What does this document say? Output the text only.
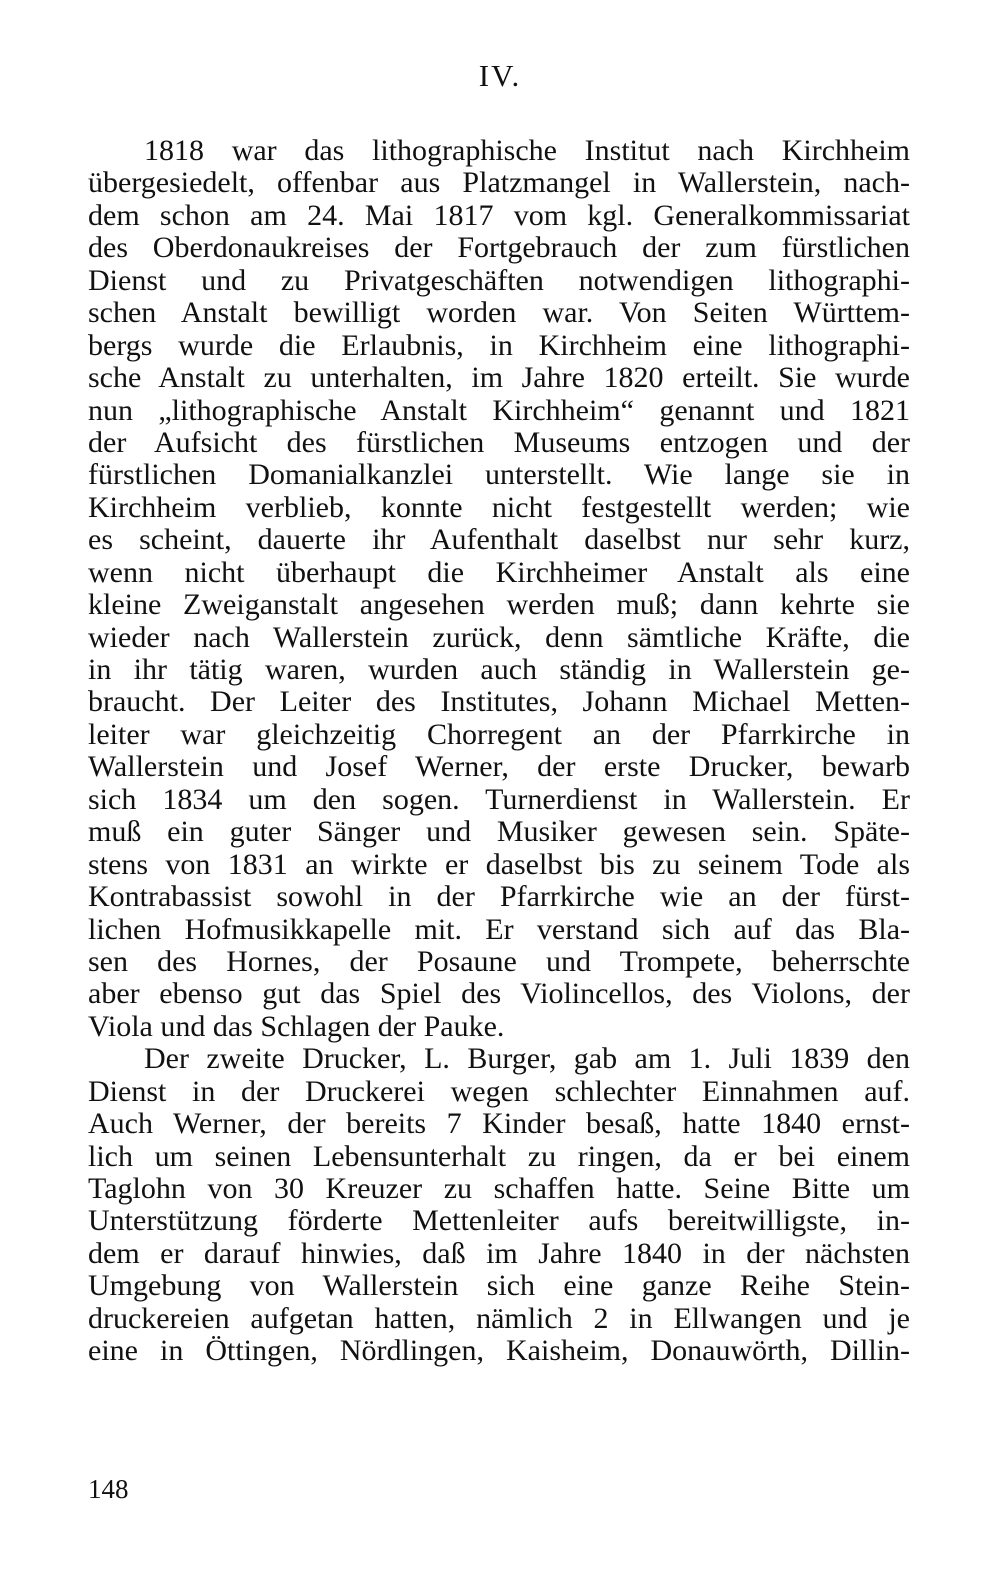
IV.
1818 war das lithographische Institut nach Kirchheim
übergesiedelt, offenbar aus Platzmangel in Wallerstein, nach-
dem schon am 24. Mai 1817 vom kgl. Generalkommissariat
des Oberdonaukreises der Fortgebrauch der zum fürstlichen
Dienst und zu Privatgeschäften notwendigen lithographi-
schen Anstalt bewilligt worden war. Von Seiten Württem-
bergs wurde die Erlaubnis, in Kirchheim eine lithographi-
sche Anstalt zu unterhalten, im Jahre 1820 erteilt. Sie wurde
nun „lithographische Anstalt Kirchheim“ genannt und 1821
der Aufsicht des fürstlichen Museums entzogen und der
fürstlichen Domanialkanzlei unterstellt. Wie lange sie in
Kirchheim verblieb, konnte nicht festgestellt werden; wie
es scheint, dauerte ihr Aufenthalt daselbst nur sehr kurz,
wenn nicht überhaupt die Kirchheimer Anstalt als eine
kleine Zweiganstalt angesehen werden muß; dann kehrte sie
wieder nach Wallerstein zurück, denn sämtliche Kräfte, die
in ihr tätig waren, wurden auch ständig in Wallerstein ge-
braucht. Der Leiter des Institutes, Johann Michael Metten-
leiter war gleichzeitig Chorregent an der Pfarrkirche in
Wallerstein und Josef Werner, der erste Drucker, bewarb
sich 1834 um den sogen. Turnerdienst in Wallerstein. Er
muß ein guter Sänger und Musiker gewesen sein. Späte-
stens von 1831 an wirkte er daselbst bis zu seinem Tode als
Kontrabassist sowohl in der Pfarrkirche wie an der fürst-
lichen Hofmusikkapelle mit. Er verstand sich auf das Bla-
sen des Hornes, der Posaune und Trompete, beherrschte
aber ebenso gut das Spiel des Violincellos, des Violons, der
Viola und das Schlagen der Pauke.
Der zweite Drucker, L. Burger, gab am 1. Juli 1839 den
Dienst in der Druckerei wegen schlechter Einnahmen auf.
Auch Werner, der bereits 7 Kinder besaß, hatte 1840 ernst-
lich um seinen Lebensunterhalt zu ringen, da er bei einem
Taglohn von 30 Kreuzer zu schaffen hatte. Seine Bitte um
Unterstützung förderte Mettenleiter aufs bereitwilligste, in-
dem er darauf hinwies, daß im Jahre 1840 in der nächsten
Umgebung von Wallerstein sich eine ganze Reihe Stein-
druckereien aufgetan hatten, nämlich 2 in Ellwangen und je
eine in Öttingen, Nördlingen, Kaisheim, Donauwörth, Dillin-

148
